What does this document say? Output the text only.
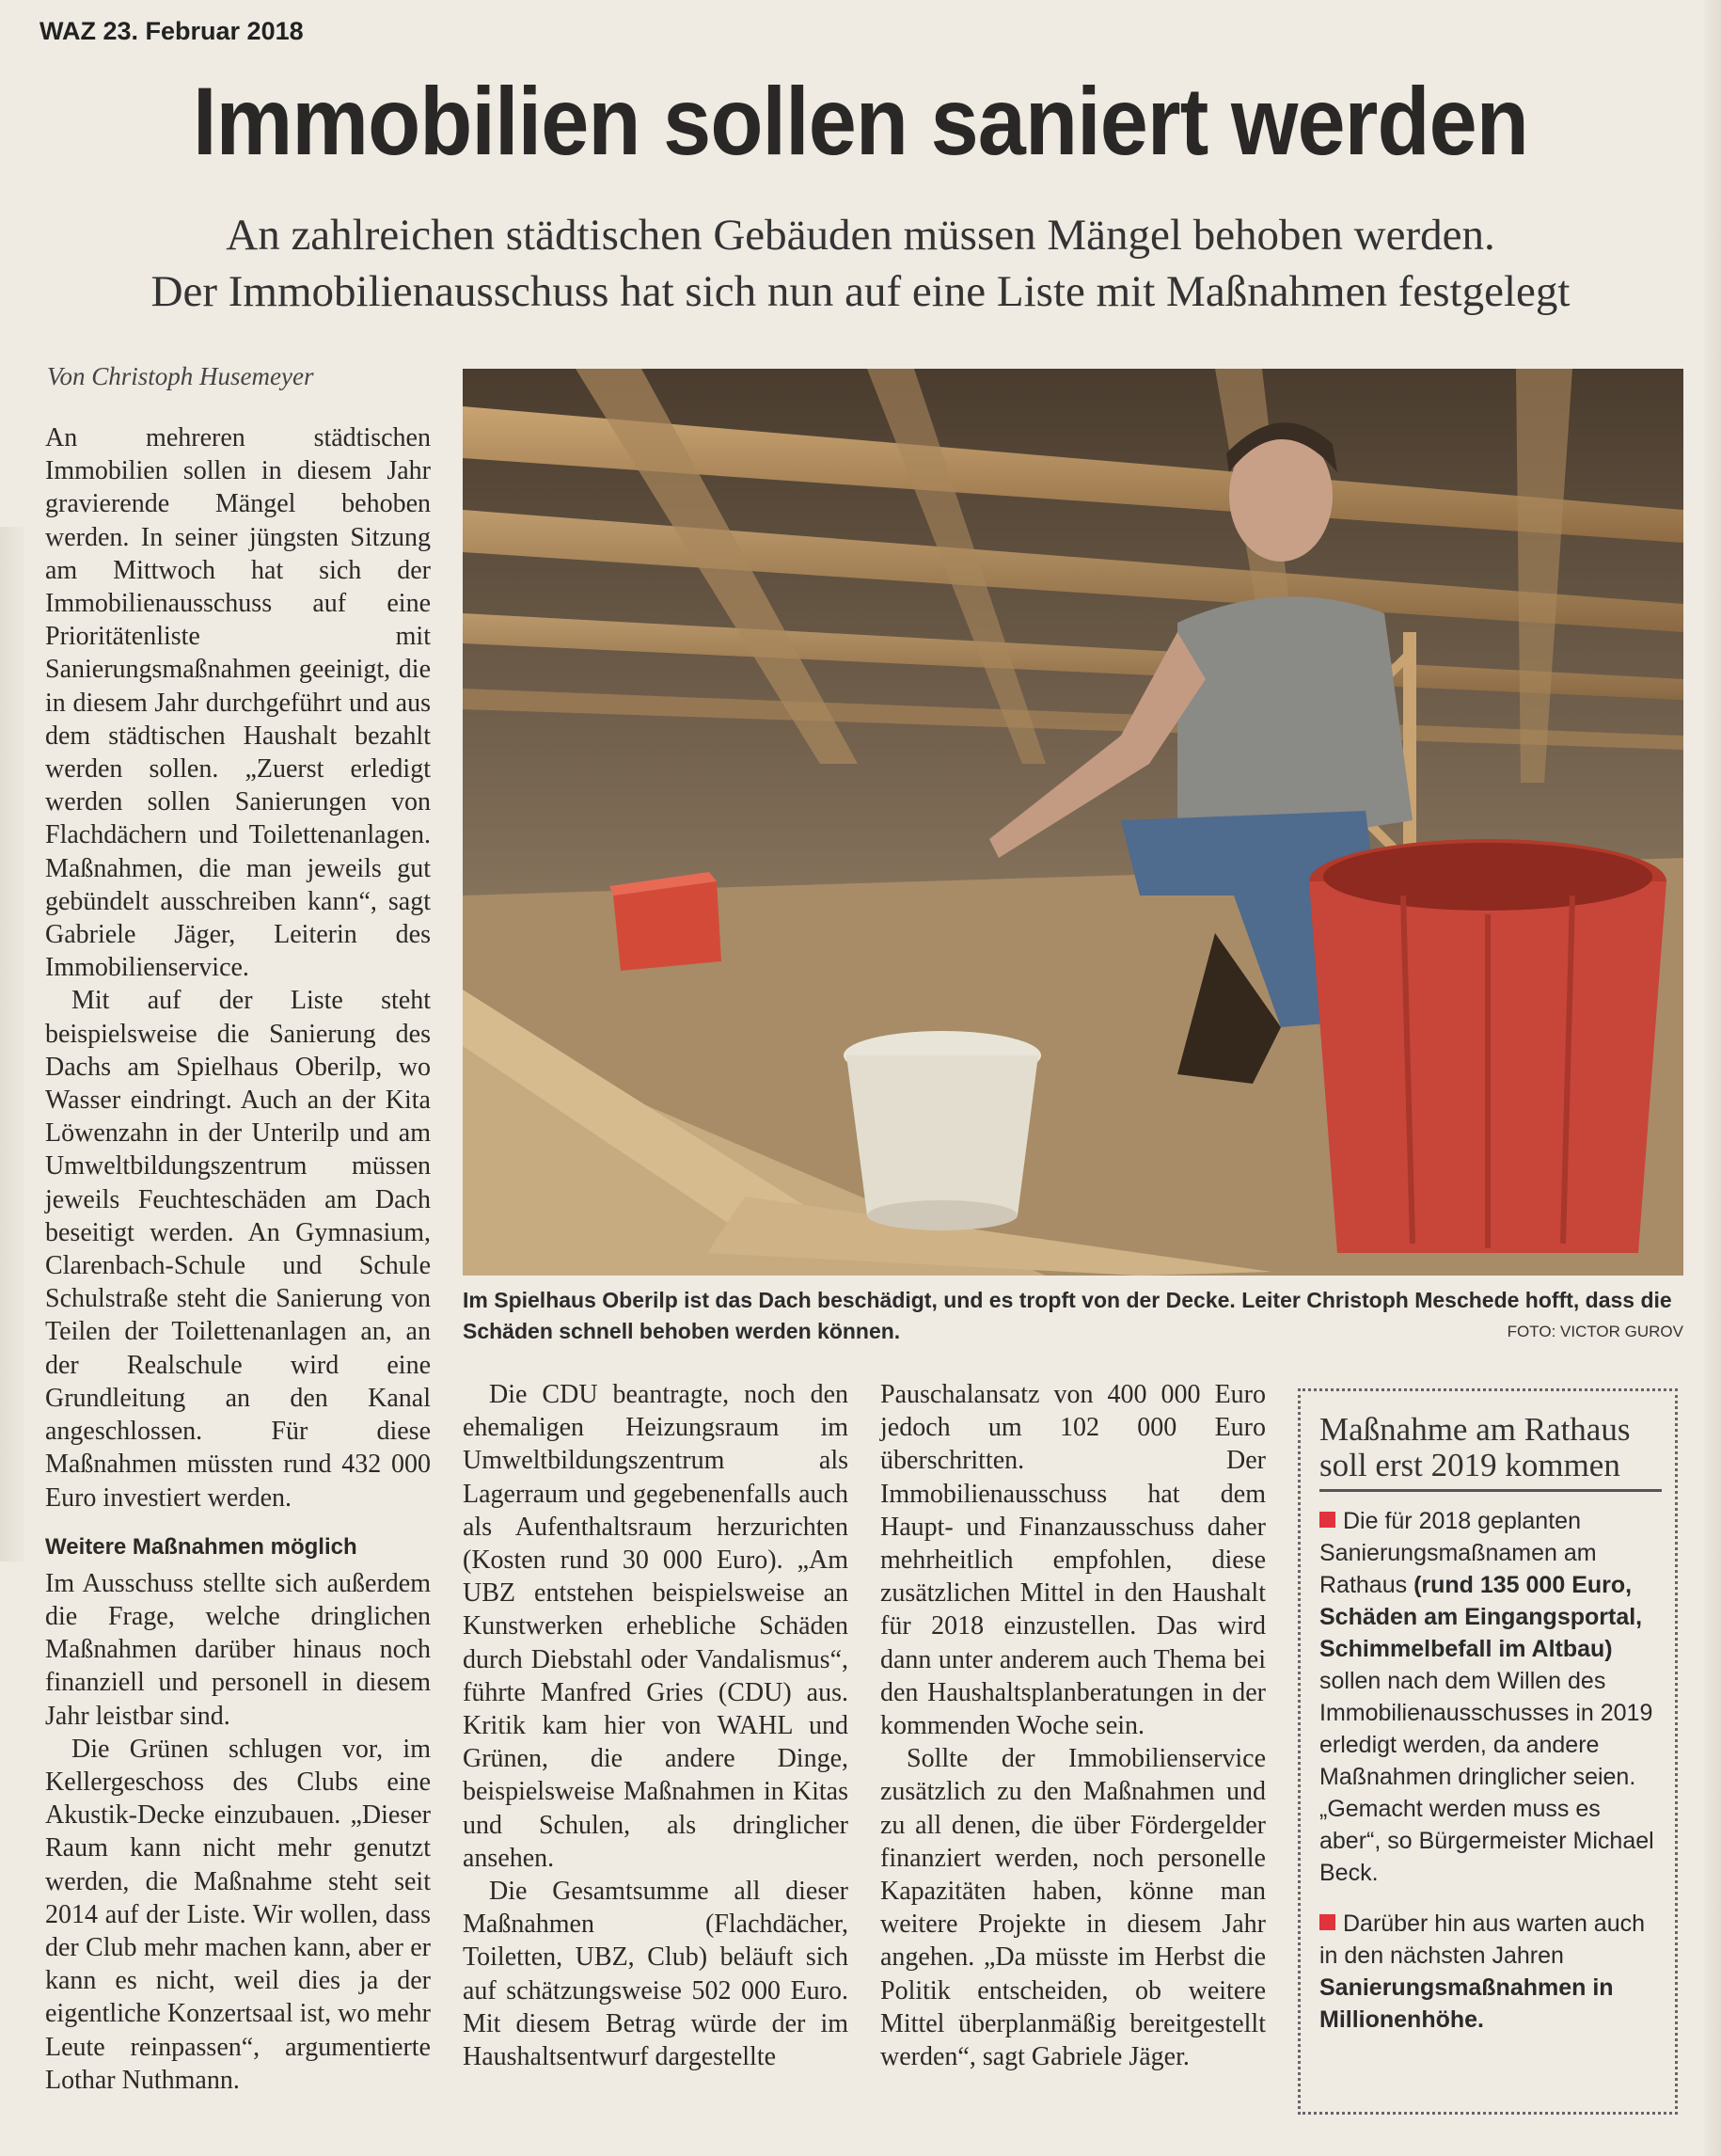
WAZ 23. Februar 2018
Immobilien sollen saniert werden
An zahlreichen städtischen Gebäuden müssen Mängel behoben werden.
Der Immobilienausschuss hat sich nun auf eine Liste mit Maßnahmen festgelegt
Von Christoph Husemeyer
Im Spielhaus Oberilp ist das Dach beschädigt, und es tropft von der Decke. Leiter Christoph Meschede hofft, dass die Schäden schnell behoben werden können.	FOTO: VICTOR GUROV

An mehreren städtischen Immobilien sollen in diesem Jahr gravierende Mängel behoben werden. In seiner jüngsten Sitzung am Mittwoch hat sich der Immobilienausschuss auf eine Prioritätenliste mit Sanierungsmaßnahmen geeinigt, die in diesem Jahr durchgeführt und aus dem städtischen Haushalt bezahlt werden sollen. „Zuerst erledigt werden sollen Sanierungen von Flachdächern und Toilettenanlagen. Maßnahmen, die man jeweils gut gebündelt ausschreiben kann“, sagt Gabriele Jäger, Leiterin des Immobilienservice.

Mit auf der Liste steht beispielsweise die Sanierung des Dachs am Spielhaus Oberilp, wo Wasser eindringt. Auch an der Kita Löwenzahn in der Unterilp und am Umweltbildungszentrum müssen jeweils Feuchteschäden am Dach beseitigt werden. An Gymnasium, Clarenbach-Schule und Schule Schulstraße steht die Sanierung von Teilen der Toilettenanlagen an, an der Realschule wird eine Grundleitung an den Kanal angeschlossen. Für diese Maßnahmen müssten rund 432 000 Euro investiert werden.

Weitere Maßnahmen möglich

Im Ausschuss stellte sich außerdem die Frage, welche dringlichen Maßnahmen darüber hinaus noch finanziell und personell in diesem Jahr leistbar sind.

Die Grünen schlugen vor, im Kellergeschoss des Clubs eine Akustik-Decke einzubauen. „Dieser Raum kann nicht mehr genutzt werden, die Maßnahme steht seit 2014 auf der Liste. Wir wollen, dass der Club mehr machen kann, aber er kann es nicht, weil dies ja der eigentliche Konzertsaal ist, wo mehr Leute reinpassen“, argumentierte Lothar Nuthmann.

Die CDU beantragte, noch den ehemaligen Heizungsraum im Umweltbildungszentrum als Lagerraum und gegebenenfalls auch als Aufenthaltsraum herzurichten (Kosten rund 30 000 Euro). „Am UBZ entstehen beispielsweise an Kunstwerken erhebliche Schäden durch Diebstahl oder Vandalismus“, führte Manfred Gries (CDU) aus. Kritik kam hier von WAHL und Grünen, die andere Dinge, beispielsweise Maßnahmen in Kitas und Schulen, als dringlicher ansehen.

Die Gesamtsumme all dieser Maßnahmen (Flachdächer, Toiletten, UBZ, Club) beläuft sich auf schätzungsweise 502 000 Euro. Mit diesem Betrag würde der im Haushaltsentwurf dargestellte

Pauschalansatz von 400 000 Euro jedoch um 102 000 Euro überschritten. Der Immobilienausschuss hat dem Haupt- und Finanzausschuss daher mehrheitlich empfohlen, diese zusätzlichen Mittel in den Haushalt für 2018 einzustellen. Das wird dann unter anderem auch Thema bei den Haushaltsplanberatungen in der kommenden Woche sein.

Sollte der Immobilienservice zusätzlich zu den Maßnahmen und zu all denen, die über Fördergelder finanziert werden, noch personelle Kapazitäten haben, könne man weitere Projekte in diesem Jahr angehen. „Da müsste im Herbst die Politik entscheiden, ob weitere Mittel überplanmäßig bereitgestellt werden“, sagt Gabriele Jäger.

Maßnahme am Rathaus soll erst 2019 kommen

Die für 2018 geplanten Sanierungsmaßnamen am Rathaus (rund 135 000 Euro, Schäden am Eingangsportal, Schimmelbefall im Altbau) sollen nach dem Willen des Immobilienausschusses in 2019 erledigt werden, da andere Maßnahmen dringlicher seien. „Gemacht werden muss es aber“, so Bürgermeister Michael Beck.

Darüber hin aus warten auch in den nächsten Jahren Sanierungsmaßnahmen in Millionenhöhe.
